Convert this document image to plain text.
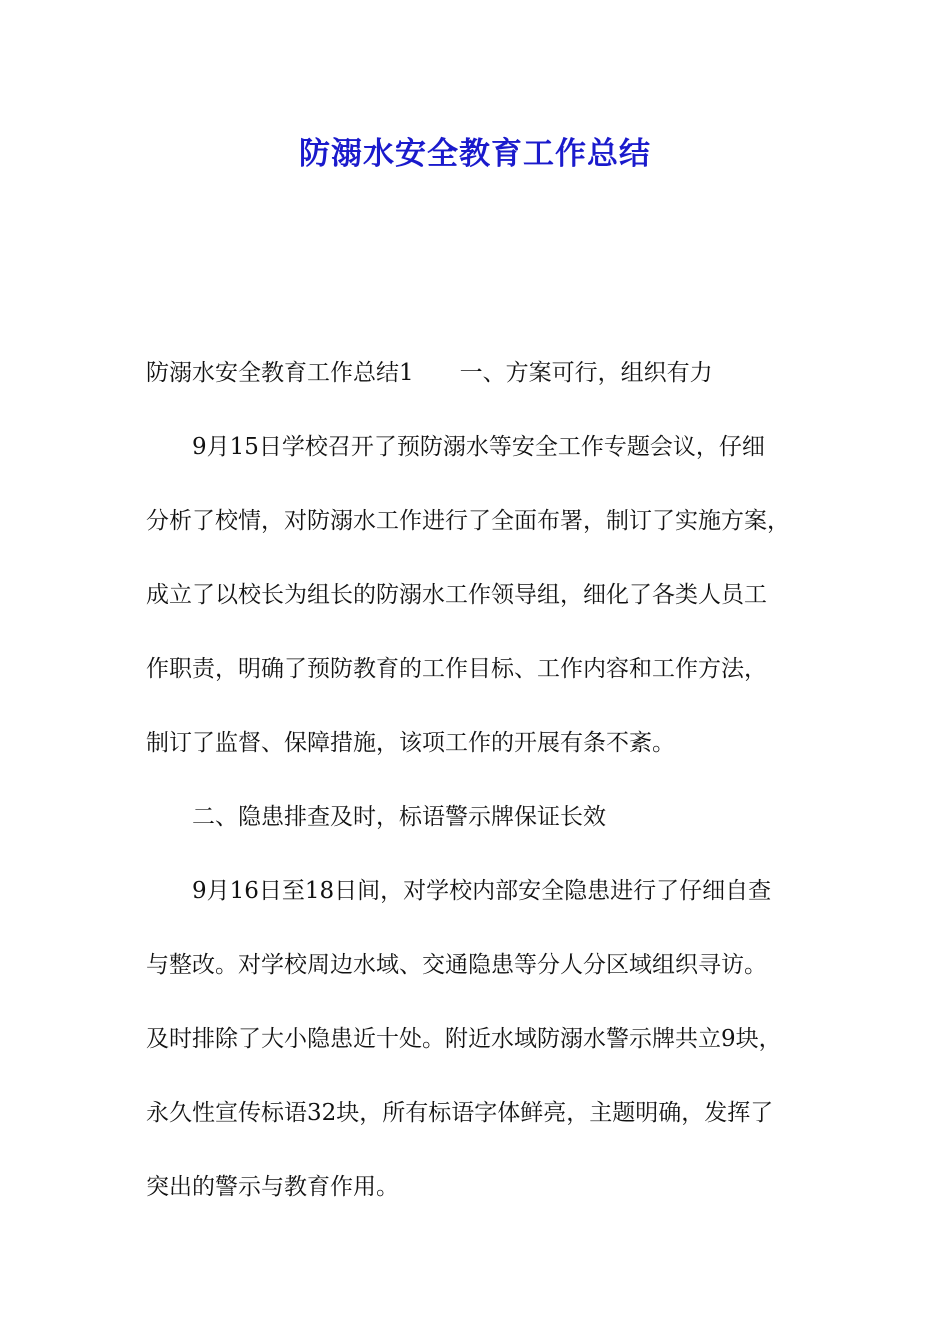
防溺水安全教育工作总结
防溺水安全教育工作总结1 一、方案可行，组织有力
9月15日学校召开了预防溺水等安全工作专题会议，仔细
分析了校情，对防溺水工作进行了全面布署，制订了实施方案，
成立了以校长为组长的防溺水工作领导组，细化了各类人员工
作职责，明确了预防教育的工作目标、工作内容和工作方法，
制订了监督、保障措施，该项工作的开展有条不紊。
二、隐患排查及时，标语警示牌保证长效
9月16日至18日间，对学校内部安全隐患进行了仔细自查
与整改。对学校周边水域、交通隐患等分人分区域组织寻访。
及时排除了大小隐患近十处。附近水域防溺水警示牌共立9块，
永久性宣传标语32块，所有标语字体鲜亮，主题明确，发挥了
突出的警示与教育作用。
